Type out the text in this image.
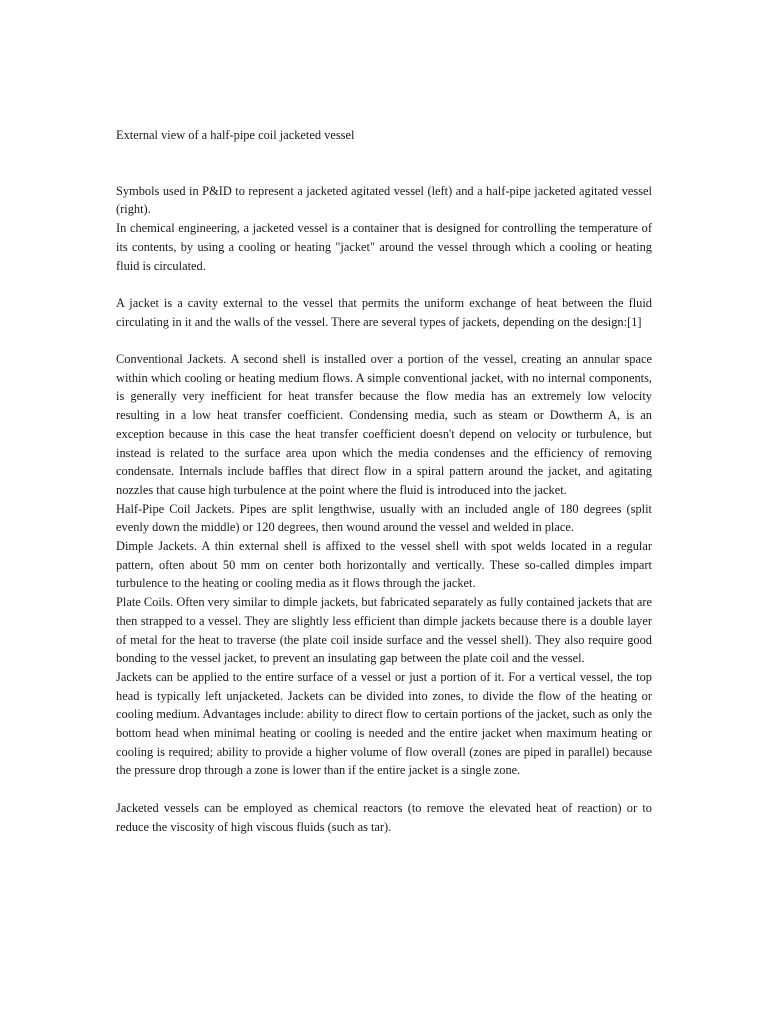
External view of a half-pipe coil jacketed vessel

Symbols used in P&ID to represent a jacketed agitated vessel (left) and a half-pipe jacketed agitated vessel (right).

In chemical engineering, a jacketed vessel is a container that is designed for controlling the temperature of its contents, by using a cooling or heating "jacket" around the vessel through which a cooling or heating fluid is circulated.

A jacket is a cavity external to the vessel that permits the uniform exchange of heat between the fluid circulating in it and the walls of the vessel. There are several types of jackets, depending on the design:[1]

Conventional Jackets. A second shell is installed over a portion of the vessel, creating an annular space within which cooling or heating medium flows. A simple conventional jacket, with no internal components, is generally very inefficient for heat transfer because the flow media has an extremely low velocity resulting in a low heat transfer coefficient. Condensing media, such as steam or Dowtherm A, is an exception because in this case the heat transfer coefficient doesn't depend on velocity or turbulence, but instead is related to the surface area upon which the media condenses and the efficiency of removing condensate. Internals include baffles that direct flow in a spiral pattern around the jacket, and agitating nozzles that cause high turbulence at the point where the fluid is introduced into the jacket.

Half-Pipe Coil Jackets. Pipes are split lengthwise, usually with an included angle of 180 degrees (split evenly down the middle) or 120 degrees, then wound around the vessel and welded in place.

Dimple Jackets. A thin external shell is affixed to the vessel shell with spot welds located in a regular pattern, often about 50 mm on center both horizontally and vertically. These so-called dimples impart turbulence to the heating or cooling media as it flows through the jacket.

Plate Coils. Often very similar to dimple jackets, but fabricated separately as fully contained jackets that are then strapped to a vessel. They are slightly less efficient than dimple jackets because there is a double layer of metal for the heat to traverse (the plate coil inside surface and the vessel shell). They also require good bonding to the vessel jacket, to prevent an insulating gap between the plate coil and the vessel.

Jackets can be applied to the entire surface of a vessel or just a portion of it. For a vertical vessel, the top head is typically left unjacketed. Jackets can be divided into zones, to divide the flow of the heating or cooling medium. Advantages include: ability to direct flow to certain portions of the jacket, such as only the bottom head when minimal heating or cooling is needed and the entire jacket when maximum heating or cooling is required; ability to provide a higher volume of flow overall (zones are piped in parallel) because the pressure drop through a zone is lower than if the entire jacket is a single zone.

Jacketed vessels can be employed as chemical reactors (to remove the elevated heat of reaction) or to reduce the viscosity of high viscous fluids (such as tar).
